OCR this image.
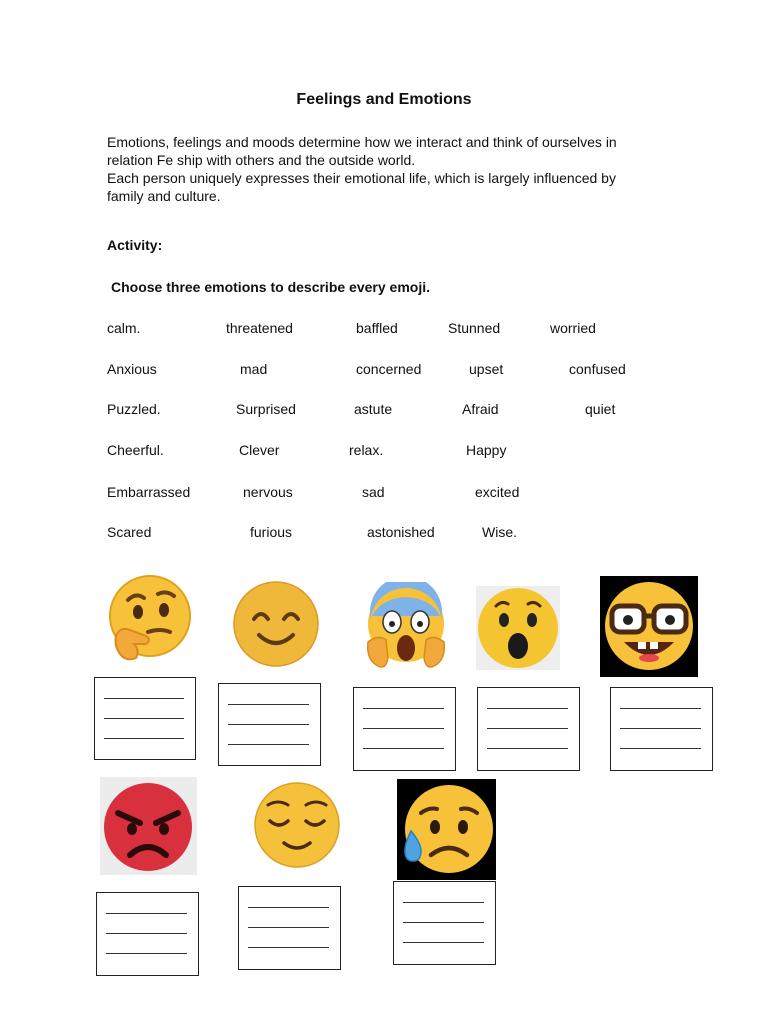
Feelings and Emotions

Emotions, feelings and moods determine how we interact and think of ourselves in

relation Fe ship with others and the outside world.

Each person uniquely expresses their emotional life, which is largely influenced by

family and culture.

Activity:
Choose three emotions to describe every emoji.
calm.	threatened	baffled	Stunned	worried
Anxious	mad	concerned	upset	confused
Puzzled.	Surprised	astute	Afraid	quiet
Cheerful.	Clever	relax.	Happy
Embarrassed	nervous	sad	excited
Scared	furious	astonished	Wise.
